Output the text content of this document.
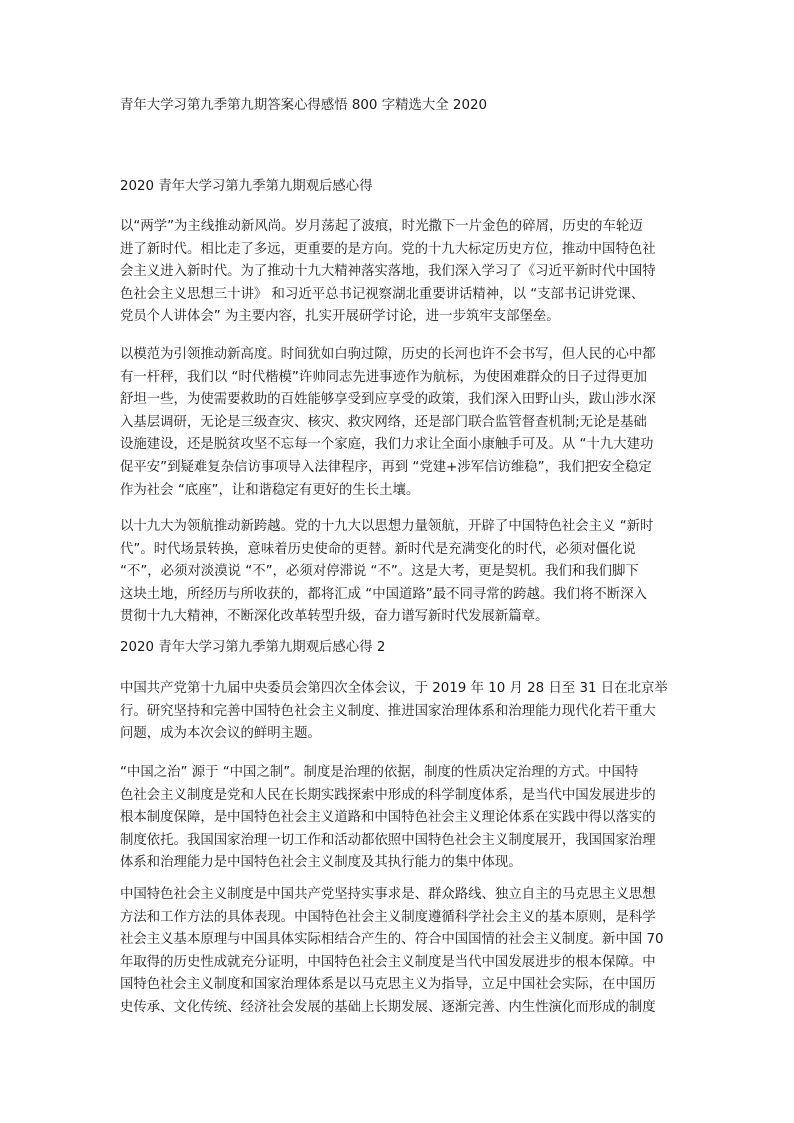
青年大学习第九季第九期答案心得感悟 800 字精选大全 2020
2020 青年大学习第九季第九期观后感心得
以“两学”为主线推动新风尚。岁月荡起了波痕，时光撒下一片金色的碎屑，历史的车轮迈
进了新时代。相比走了多远，更重要的是方向。党的十九大标定历史方位，推动中国特色社
会主义进入新时代。为了推动十九大精神落实落地，我们深入学习了《习近平新时代中国特
色社会主义思想三十讲》 和习近平总书记视察湖北重要讲话精神，以 “支部书记讲党课、
党员个人讲体会” 为主要内容，扎实开展研学讨论，进一步筑牢支部堡垒。
以模范为引领推动新高度。时间犹如白驹过隙，历史的长河也许不会书写，但人民的心中都
有一杆秤，我们以 “时代楷模”许帅同志先进事迹作为航标，为使困难群众的日子过得更加
舒坦一些，为使需要救助的百姓能够享受到应享受的政策，我们深入田野山头，跋山涉水深
入基层调研，无论是三级查灾、核灾、救灾网络，还是部门联合监管督查机制;无论是基础
设施建设，还是脱贫攻坚不忘每一个家庭，我们力求让全面小康触手可及。从 “十九大建功
促平安”到疑难复杂信访事项导入法律程序，再到 “党建+涉军信访维稳”，我们把安全稳定
作为社会 “底座”，让和谐稳定有更好的生长土壤。
以十九大为领航推动新跨越。党的十九大以思想力量领航，开辟了中国特色社会主义 “新时
代”。时代场景转换，意味着历史使命的更替。新时代是充满变化的时代，必须对僵化说
“不”，必须对淡漠说 “不”，必须对停滞说 “不”。这是大考，更是契机。我们和我们脚下
这块土地，所经历与所收获的，都将汇成 “中国道路”最不同寻常的跨越。我们将不断深入
贯彻十九大精神，不断深化改革转型升级，奋力谱写新时代发展新篇章。
2020 青年大学习第九季第九期观后感心得 2
中国共产党第十九届中央委员会第四次全体会议，于 2019 年 10 月 28 日至 31 日在北京举
行。研究坚持和完善中国特色社会主义制度、推进国家治理体系和治理能力现代化若干重大
问题，成为本次会议的鲜明主题。
“中国之治” 源于 “中国之制”。制度是治理的依据，制度的性质决定治理的方式。中国特
色社会主义制度是党和人民在长期实践探索中形成的科学制度体系，是当代中国发展进步的
根本制度保障，是中国特色社会主义道路和中国特色社会主义理论体系在实践中得以落实的
制度依托。我国国家治理一切工作和活动都依照中国特色社会主义制度展开，我国国家治理
体系和治理能力是中国特色社会主义制度及其执行能力的集中体现。
中国特色社会主义制度是中国共产党坚持实事求是、群众路线、独立自主的马克思主义思想
方法和工作方法的具体表现。中国特色社会主义制度遵循科学社会主义的基本原则，是科学
社会主义基本原理与中国具体实际相结合产生的、符合中国国情的社会主义制度。新中国 70
年取得的历史性成就充分证明，中国特色社会主义制度是当代中国发展进步的根本保障。中
国特色社会主义制度和国家治理体系是以马克思主义为指导，立足中国社会实际，在中国历
史传承、文化传统、经济社会发展的基础上长期发展、逐渐完善、内生性演化而形成的制度
